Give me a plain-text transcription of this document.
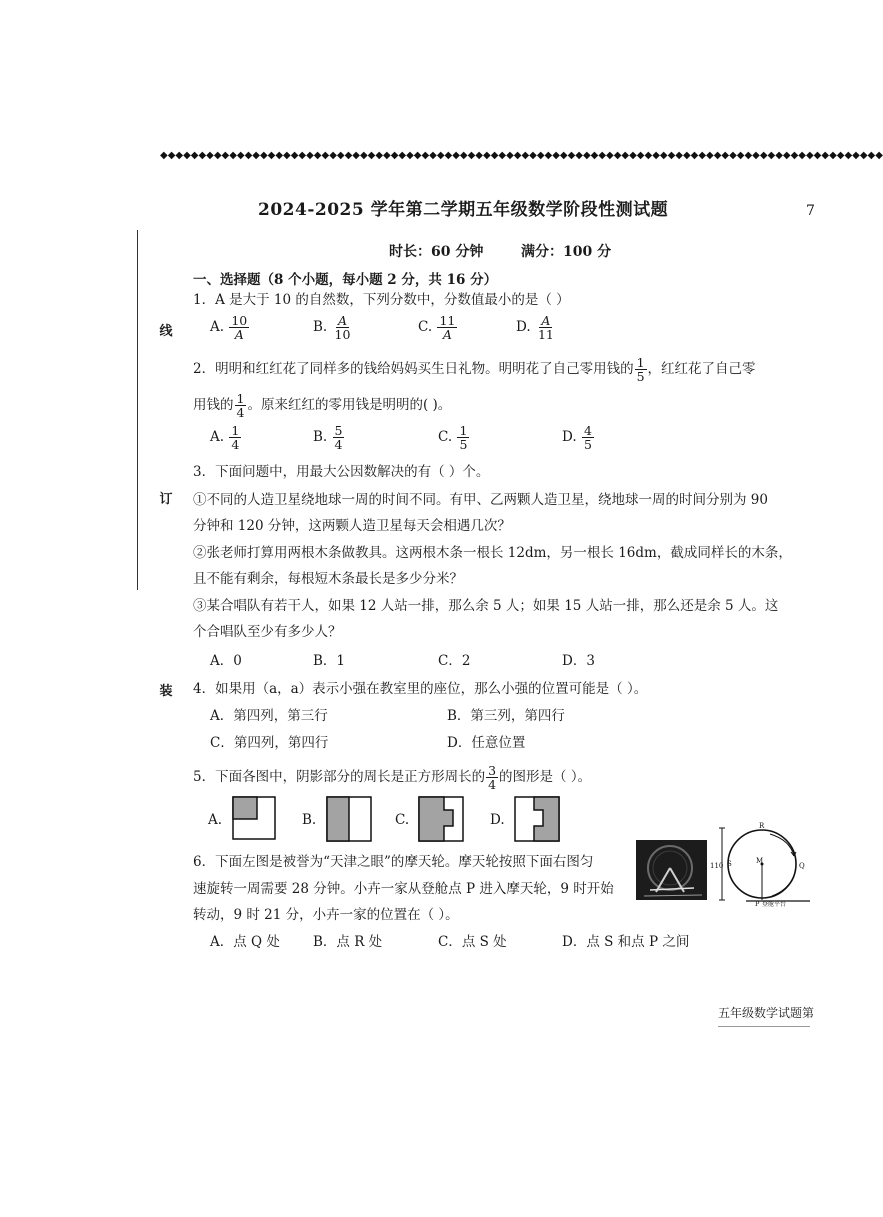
◆◆◆◆◆◆◆◆◆◆◆◆◆◆◆◆◆◆◆◆◆◆◆◆◆◆◆◆◆◆◆◆◆◆◆◆◆◆◆◆◆◆◆◆◆◆◆◆◆◆◆◆◆◆◆◆◆◆◆◆◆◆◆◆◆◆◆◆◆◆◆◆◆◆◆◆◆◆◆◆◆◆◆◆◆◆◆◆◆◆◆◆◆◆
线
订
装
2024-2025 学年第二学期五年级数学阶段性测试题	7
时长：60 分钟	满分：100 分
一、选择题（8 个小题，每小题 2 分，共 16 分）
1．A 是大于 10 的自然数，下列分数中，分数值最小的是（ ）
A. $\frac{10}{A}$	B. $\frac{A}{10}$	C. $\frac{11}{A}$	D. $\frac{A}{11}$
2．明明和红红花了同样多的钱给妈妈买生日礼物。明明花了自己零用钱的 $\frac{1}{5}$ ，红红花了自己零
用钱的 $\frac{1}{4}$ 。原来红红的零用钱是明明的( )。
A. $\frac{1}{4}$	B. $\frac{5}{4}$	C. $\frac{1}{5}$	D. $\frac{4}{5}$
3．下面问题中，用最大公因数解决的有（ ）个。
①不同的人造卫星绕地球一周的时间不同。有甲、乙两颗人造卫星，绕地球一周的时间分别为 90
分钟和 120 分钟，这两颗人造卫星每天会相遇几次？
②张老师打算用两根木条做教具。这两根木条一根长 12dm，另一根长 16dm，截成同样长的木条，
且不能有剩余，每根短木条最长是多少分米？
③某合唱队有若干人，如果 12 人站一排，那么余 5 人；如果 15 人站一排，那么还是余 5 人。这
个合唱队至少有多少人？
A．0	B．1	C．2	D．3
4．如果用（a，a）表示小强在教室里的座位，那么小强的位置可能是（ ）。
A．第四列，第三行	B．第三列，第四行
C．第四列，第四行	D．任意位置
5．下面各图中，阴影部分的周长是正方形周长的 $\frac{3}{4}$ 的图形是（ ）。
A.	B.	C.	D.
6．下面左图是被誉为“天津之眼”的摩天轮。摩天轮按照下面右图匀
速旋转一周需要 28 分钟。小卉一家从登舱点 P 进入摩天轮，9 时开始
转动，9 时 21 分，小卉一家的位置在（ ）。
A．点 Q 处 B．点 R 处	C．点 S 处	D．点 S 和点 P 之间
110
M
R
S	Q
P 登舱平台
五年级数学试题第
